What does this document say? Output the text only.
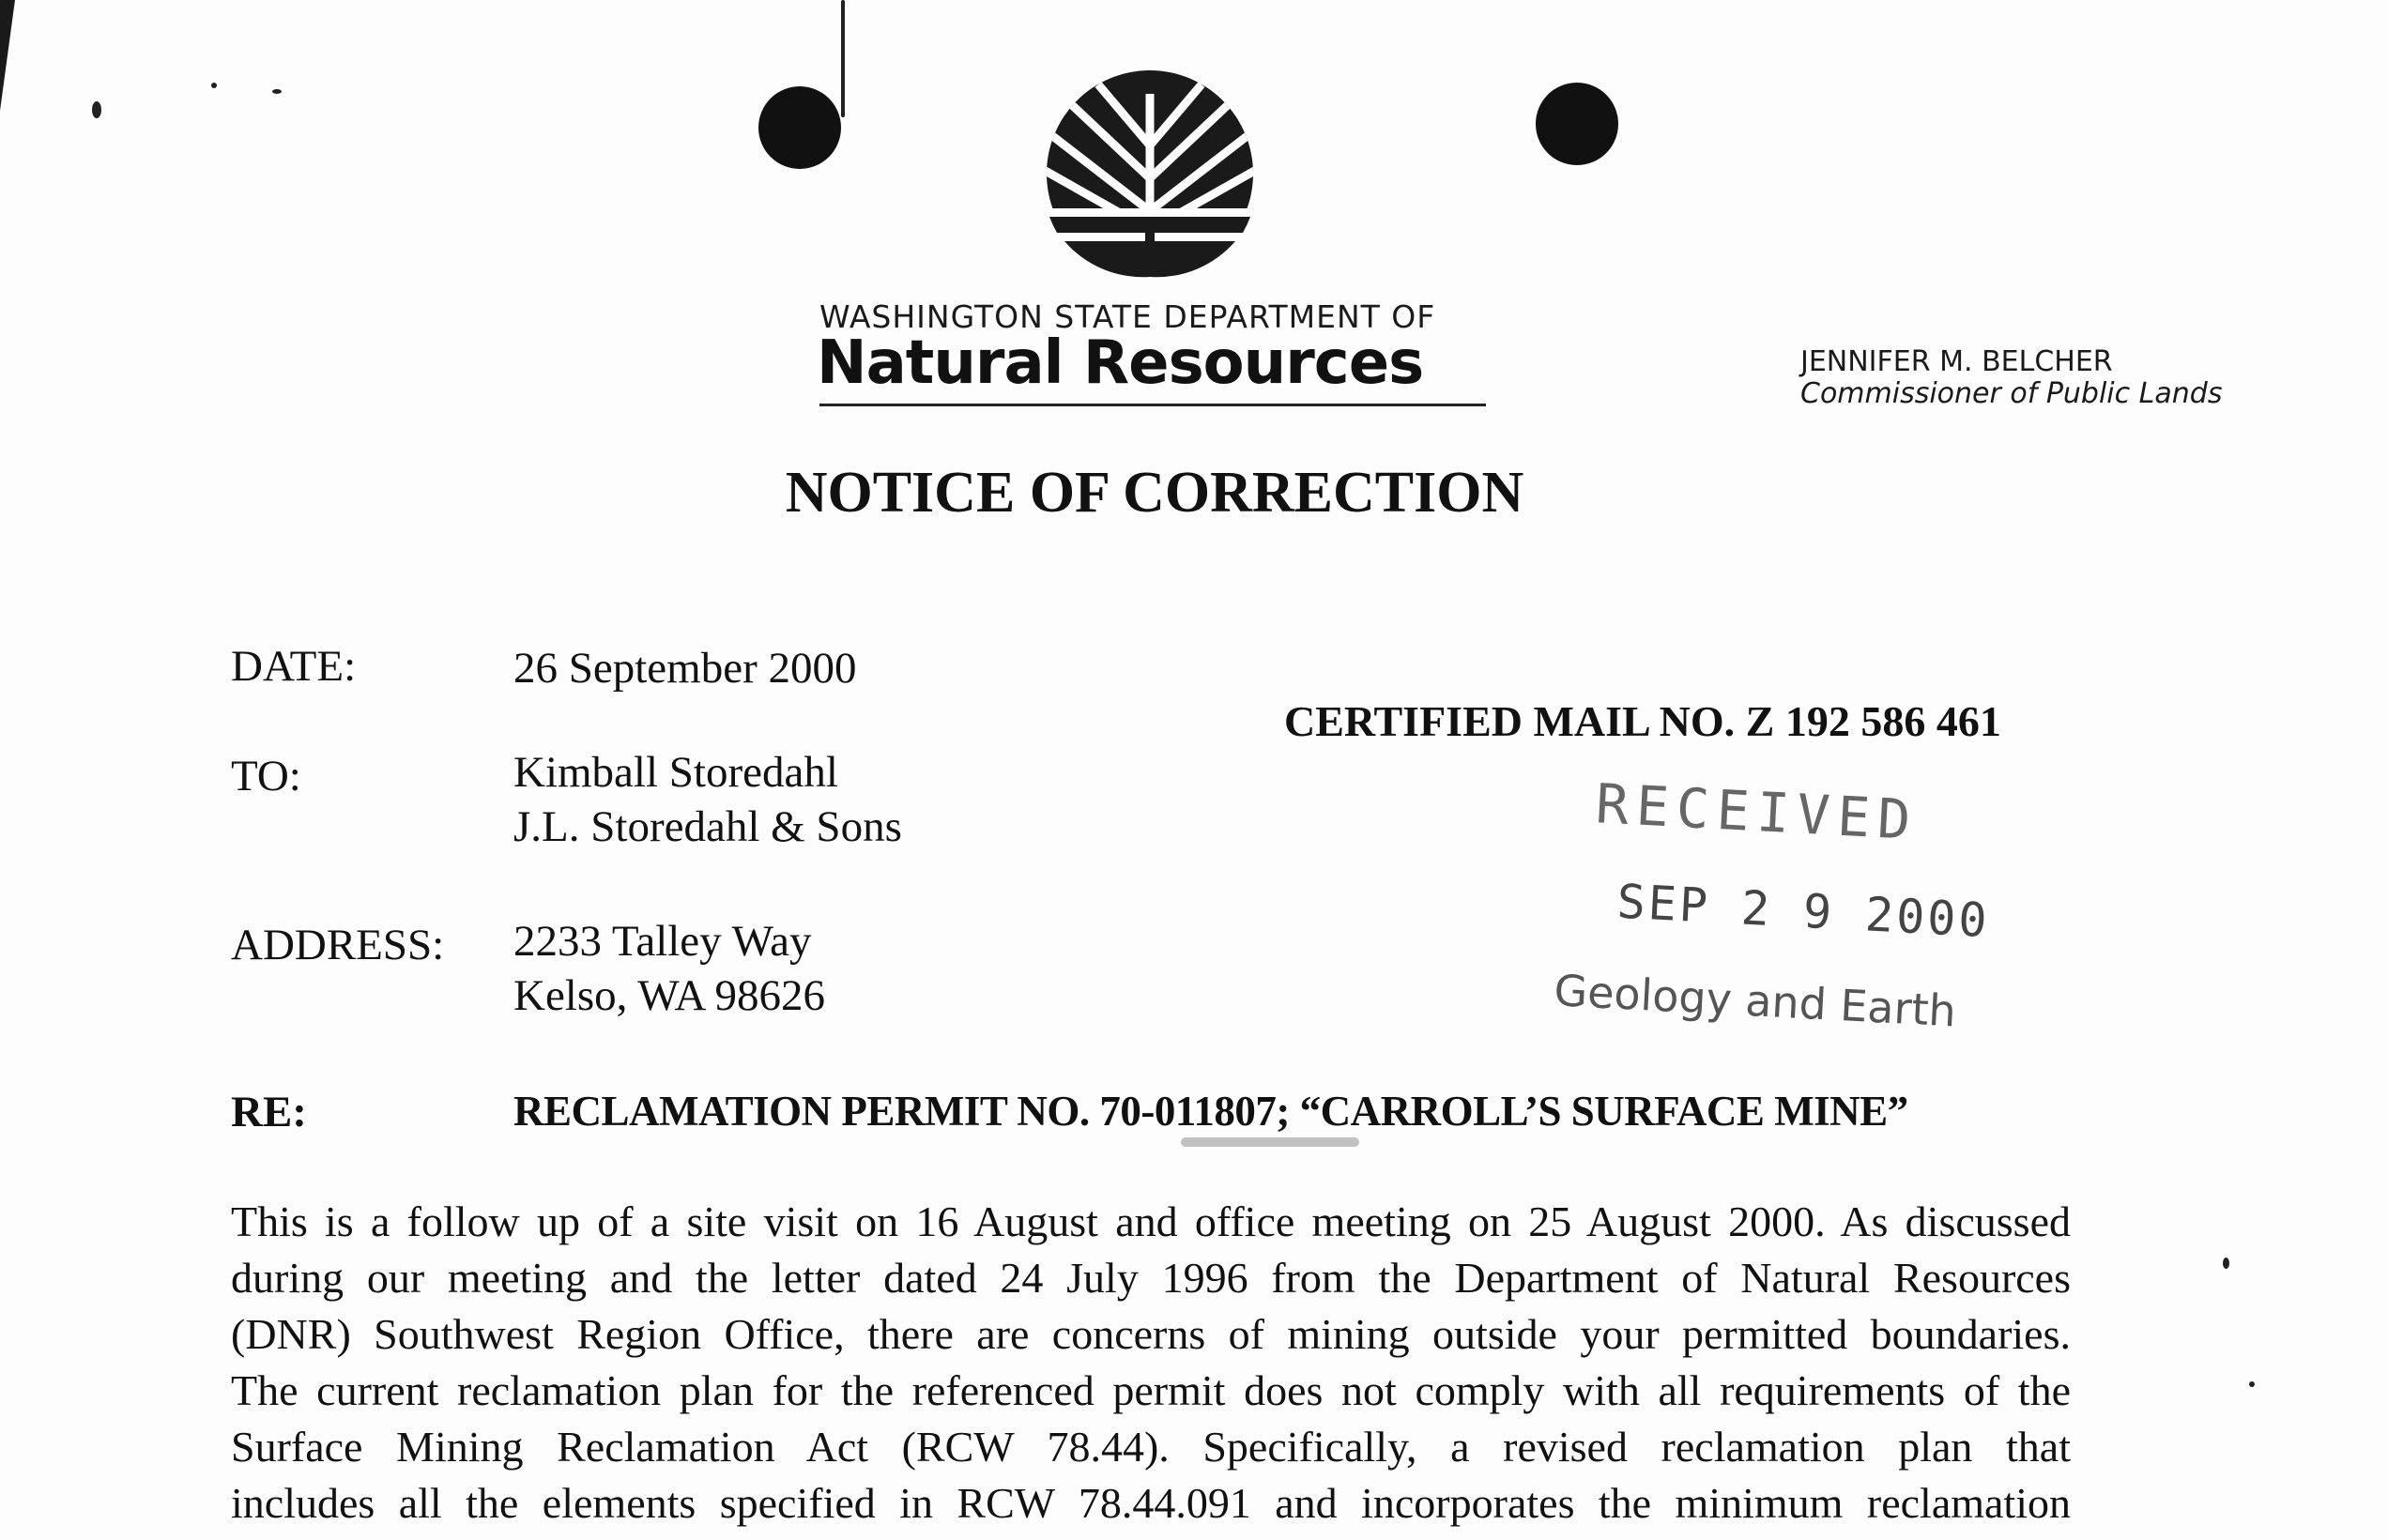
WASHINGTON STATE DEPARTMENT OF
Natural Resources	JENNIFER M. BELCHER
Commissioner of Public Lands
NOTICE OF CORRECTION
DATE:	26 September 2000
TO:	Kimball Storedahl
J.L. Storedahl & Sons
ADDRESS: 2233 Talley Way
Kelso, WA 98626
CERTIFIED MAIL NO. Z 192 586 461
RECEIVED
SEP 2 9 2000
Geology and Earth
RE:	RECLAMATION PERMIT NO. 70-011807; “CARROLL’S SURFACE MINE”
This is a follow up of a site visit on 16 August and office meeting on 25 August 2000. As discussed
during our meeting and the letter dated 24 July 1996 from the Department of Natural Resources
(DNR) Southwest Region Office, there are concerns of mining outside your permitted boundaries.
The current reclamation plan for the referenced permit does not comply with all requirements of the
Surface Mining Reclamation Act (RCW 78.44). Specifically, a revised reclamation plan that
includes all the elements specified in RCW 78.44.091 and incorporates the minimum reclamation
